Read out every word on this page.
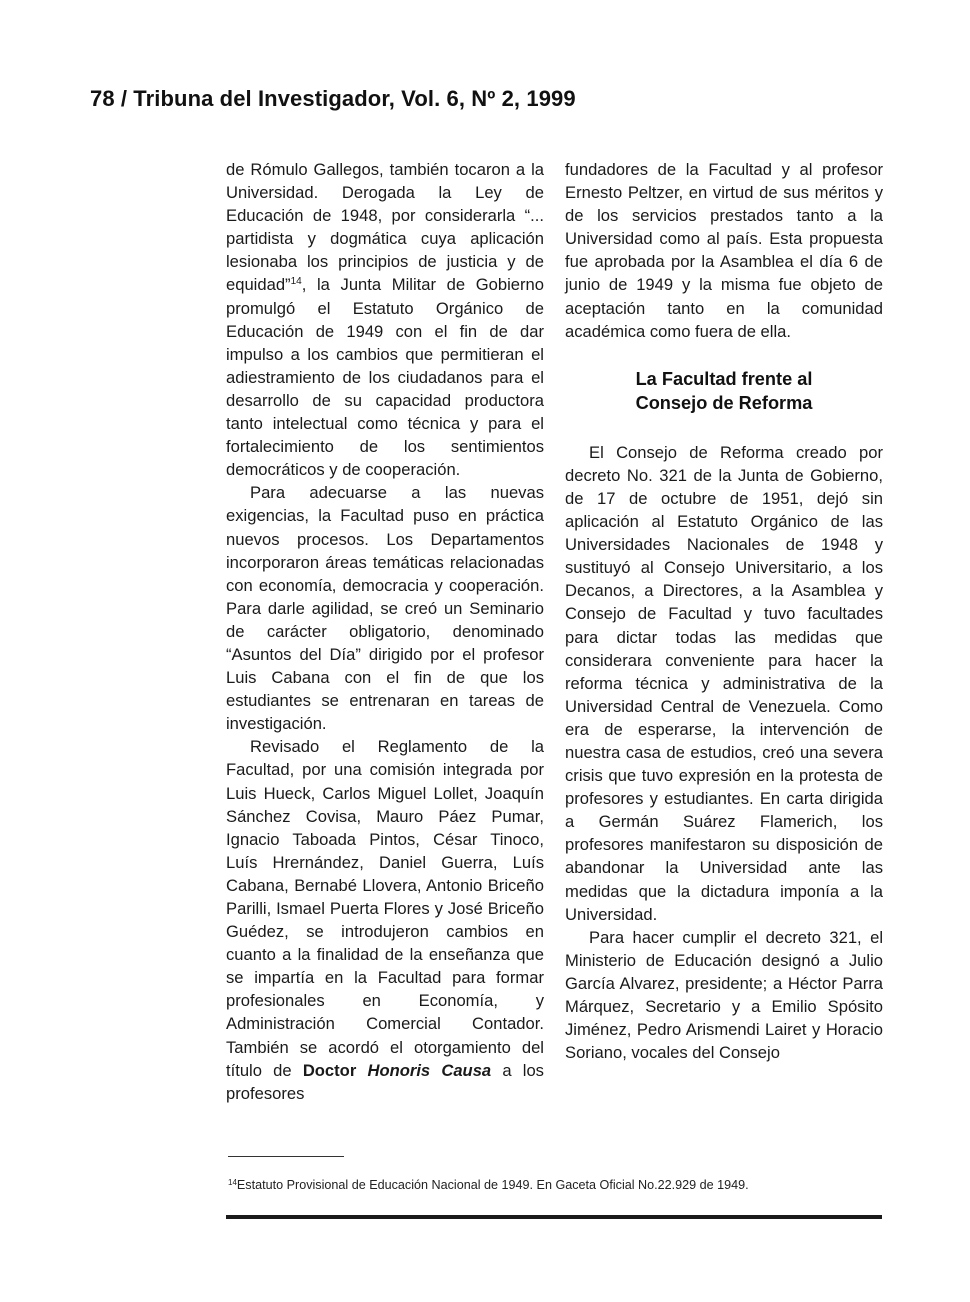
78 / Tribuna del Investigador, Vol. 6, Nº 2, 1999

de Rómulo Gallegos, también tocaron a la Universidad. Derogada la Ley de Educación de 1948, por considerarla “... partidista y dogmática cuya aplicación lesionaba los principios de justicia y de equidad”$^{14}$, la Junta Militar de Gobierno promulgó el Estatuto Orgánico de Educación de 1949 con el fin de dar impulso a los cambios que permitieran el adiestramiento de los ciudadanos para el desarrollo de su capacidad productora tanto intelectual como técnica y para el fortalecimiento de los sentimientos democráticos y de cooperación.

Para adecuarse a las nuevas exigencias, la Facultad puso en práctica nuevos procesos. Los Departamentos incorporaron áreas temáticas relacionadas con economía, democracia y cooperación. Para darle agilidad, se creó un Seminario de carácter obligatorio, denominado “Asuntos del Día” dirigido por el profesor Luis Cabana con el fin de que los estudiantes se entrenaran en tareas de investigación.

Revisado el Reglamento de la Facultad, por una comisión integrada por Luis Hueck, Carlos Miguel Lollet, Joaquín Sánchez Covisa, Mauro Páez Pumar, Ignacio Taboada Pintos, César Tinoco, Luís Hrernández, Daniel Guerra, Luís Cabana, Bernabé Llovera, Antonio Briceño Parilli, Ismael Puerta Flores y José Briceño Guédez, se introdujeron cambios en cuanto a la finalidad de la enseñanza que se impartía en la Facultad para formar profesionales en Economía, y Administración Comercial Contador. También se acordó el otorgamiento del título de Doctor Honoris Causa a los profesores

fundadores de la Facultad y al profesor Ernesto Peltzer, en virtud de sus méritos y de los servicios prestados tanto a la Universidad como al país. Esta propuesta fue aprobada por la Asamblea el día 6 de junio de 1949 y la misma fue objeto de aceptación tanto en la comunidad académica como fuera de ella.

La Facultad frente al
Consejo de Reforma

El Consejo de Reforma creado por decreto No. 321 de la Junta de Gobierno, de 17 de octubre de 1951, dejó sin aplicación al Estatuto Orgánico de las Universidades Nacionales de 1948 y sustituyó al Consejo Universitario, a los Decanos, a Directores, a la Asamblea y Consejo de Facultad y tuvo facultades para dictar todas las medidas que considerara conveniente para hacer la reforma técnica y administrativa de la Universidad Central de Venezuela. Como era de esperarse, la intervención de nuestra casa de estudios, creó una severa crisis que tuvo expresión en la protesta de profesores y estudiantes. En carta dirigida a Germán Suárez Flamerich, los profesores manifestaron su disposición de abandonar la Universidad ante las medidas que la dictadura imponía a la Universidad.

Para hacer cumplir el decreto 321, el Ministerio de Educación designó a Julio García Alvarez, presidente; a Héctor Parra Márquez, Secretario y a Emilio Spósito Jiménez, Pedro Arismendi Lairet y Horacio Soriano, vocales del Consejo

$^{14}$Estatuto Provisional de Educación Nacional de 1949. En Gaceta Oficial No.22.929 de 1949.
